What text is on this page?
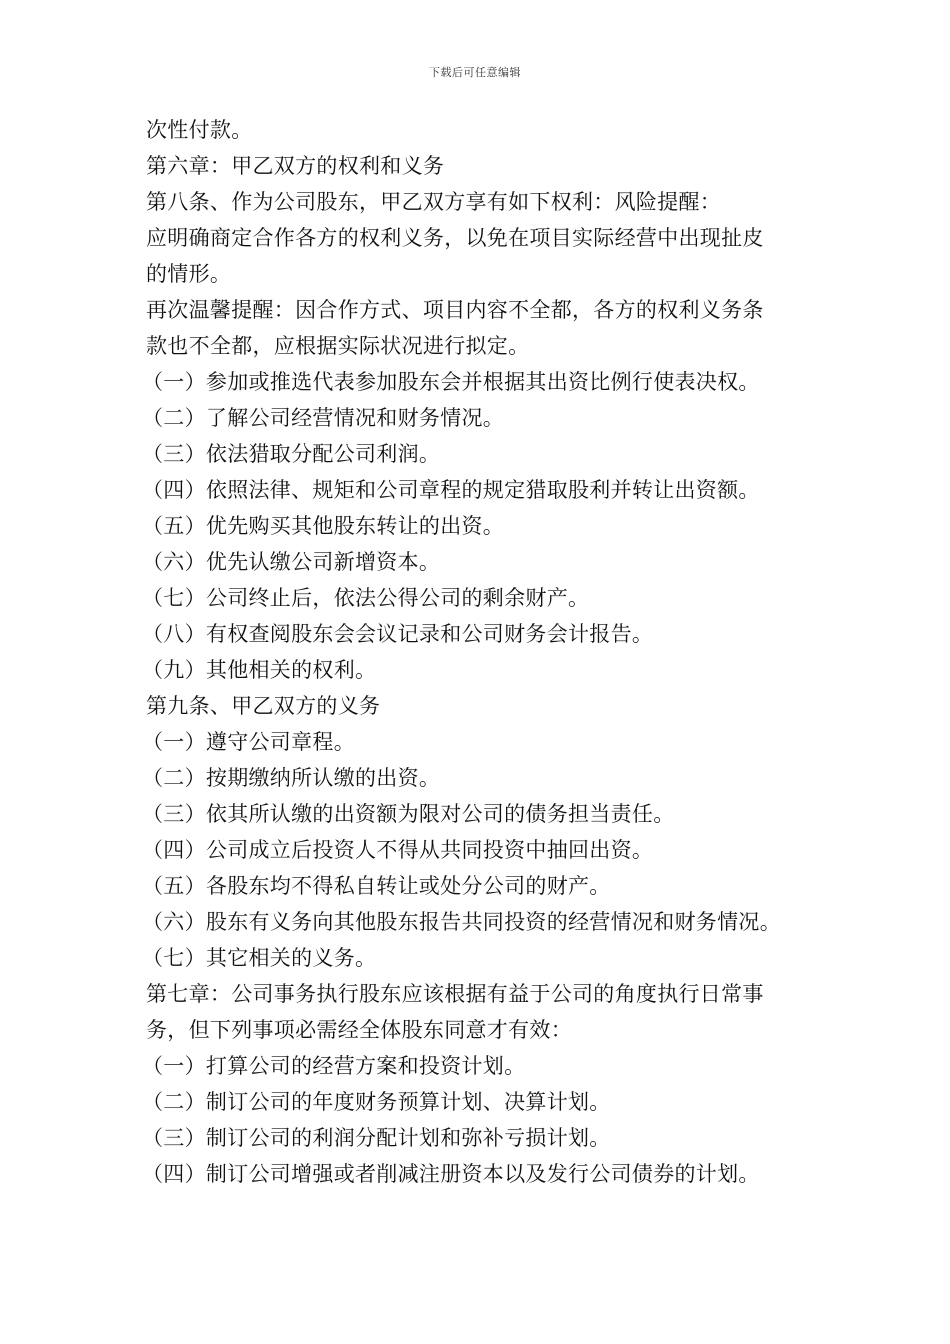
下载后可任意编辑
次性付款。
第六章：甲乙双方的权利和义务
第八条、作为公司股东，甲乙双方享有如下权利：风险提醒：
应明确商定合作各方的权利义务，以免在项目实际经营中出现扯皮
的情形。
再次温馨提醒：因合作方式、项目内容不全都，各方的权利义务条
款也不全都，应根据实际状况进行拟定。
（一）参加或推选代表参加股东会并根据其出资比例行使表决权。
（二）了解公司经营情况和财务情况。
（三）依法猎取分配公司利润。
（四）依照法律、规矩和公司章程的规定猎取股利并转让出资额。
（五）优先购买其他股东转让的出资。
（六）优先认缴公司新增资本。
（七）公司终止后，依法公得公司的剩余财产。
（八）有权查阅股东会会议记录和公司财务会计报告。
（九）其他相关的权利。
第九条、甲乙双方的义务
（一）遵守公司章程。
（二）按期缴纳所认缴的出资。
（三）依其所认缴的出资额为限对公司的债务担当责任。
（四）公司成立后投资人不得从共同投资中抽回出资。
（五）各股东均不得私自转让或处分公司的财产。
（六）股东有义务向其他股东报告共同投资的经营情况和财务情况。
（七）其它相关的义务。
第七章：公司事务执行股东应该根据有益于公司的角度执行日常事
务，但下列事项必需经全体股东同意才有效：
（一）打算公司的经营方案和投资计划。
（二）制订公司的年度财务预算计划、决算计划。
（三）制订公司的利润分配计划和弥补亏损计划。
（四）制订公司增强或者削减注册资本以及发行公司债券的计划。
